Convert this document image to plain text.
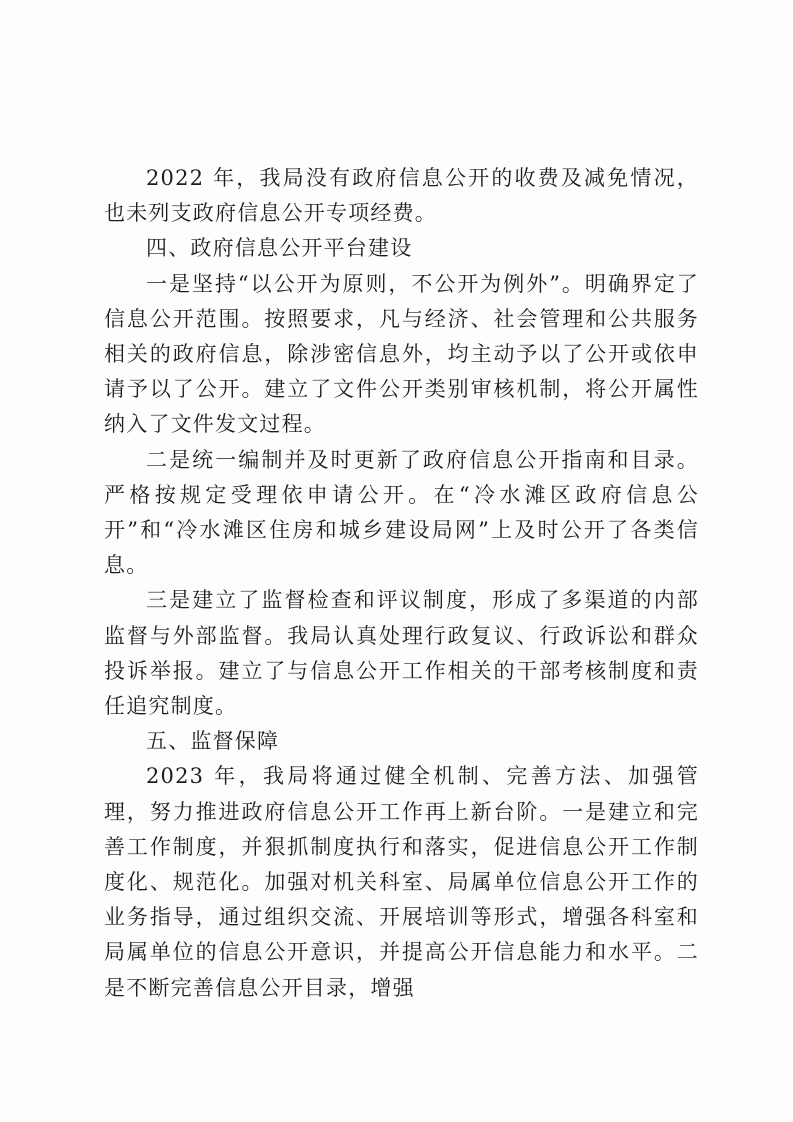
2022 年，我局没有政府信息公开的收费及减免情况，也未列支政府信息公开专项经费。

四、政府信息公开平台建设

一是坚持“以公开为原则，不公开为例外”。明确界定了信息公开范围。按照要求，凡与经济、社会管理和公共服务相关的政府信息，除涉密信息外，均主动予以了公开或依申请予以了公开。建立了文件公开类别审核机制，将公开属性纳入了文件发文过程。

二是统一编制并及时更新了政府信息公开指南和目录。严格按规定受理依申请公开。在“冷水滩区政府信息公开”和“冷水滩区住房和城乡建设局网”上及时公开了各类信息。

三是建立了监督检查和评议制度，形成了多渠道的内部监督与外部监督。我局认真处理行政复议、行政诉讼和群众投诉举报。建立了与信息公开工作相关的干部考核制度和责任追究制度。

五、监督保障

2023 年，我局将通过健全机制、完善方法、加强管理，努力推进政府信息公开工作再上新台阶。一是建立和完善工作制度，并狠抓制度执行和落实，促进信息公开工作制度化、规范化。加强对机关科室、局属单位信息公开工作的业务指导，通过组织交流、开展培训等形式，增强各科室和局属单位的信息公开意识，并提高公开信息能力和水平。二是不断完善信息公开目录，增强
